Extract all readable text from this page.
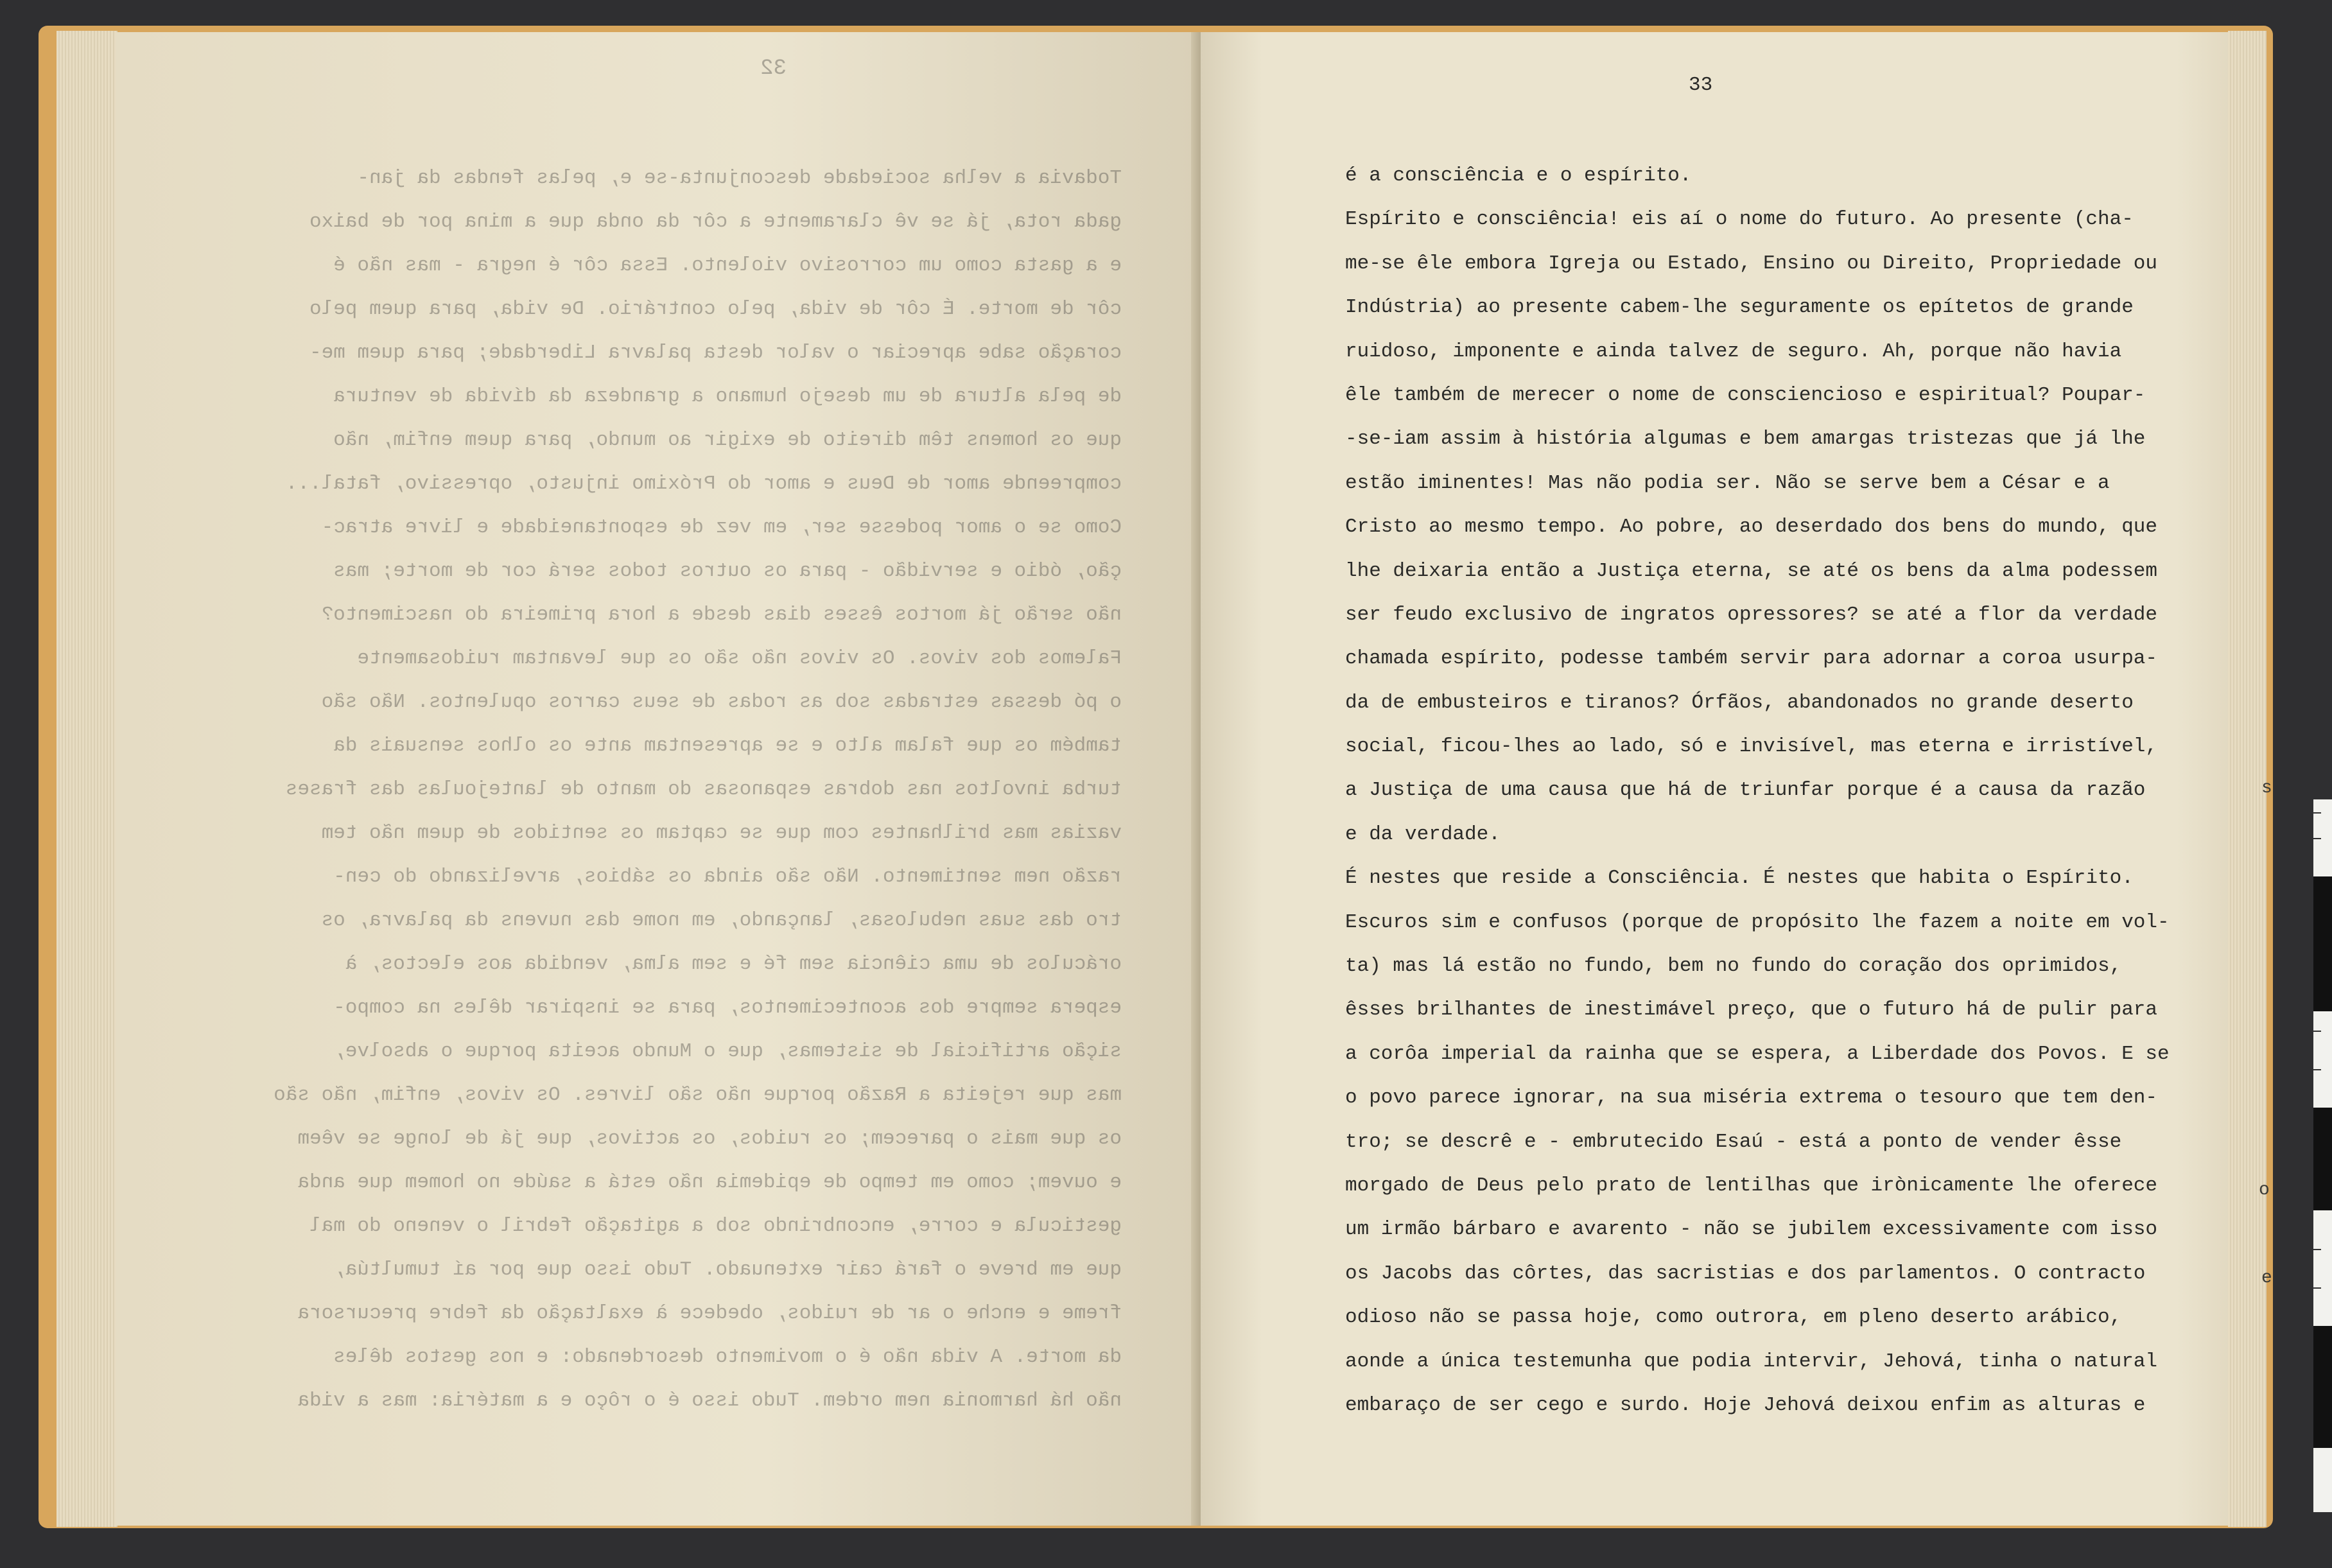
32
Todavia a velha sociedade desconjunta-se e, pelas fendas da jan-
gada rota, já se vê claramente a côr da onda que a mina por de baixo
e a gasta como um corrosivo violento. Essa côr é negra - mas não é
côr de morte. É côr de vida, pelo contrário. De vida, para quem pelo
coração sabe apreciar o valor desta palavra Liberdade; para quem me-
de pela altura de um desejo humano a grandeza da dívida de ventura
que os homens têm direito de exigir ao mundo, para quem enfim, não
compreende amor de Deus e amor do Próximo injusto, opressivo, fatal...
Como se o amor podesse ser, em vez de espontaneidade e livre atrac-
ção, ódio e servidão - para os outros todos será cor de morte; mas
não serão já mortos êsses dias desde a hora primeira do nascimento?
Falemos dos vivos. Os vivos não são os que levantam ruidosamente
o pó dessas estradas sob as rodas de seus carros opulentos. Não são
também os que falam alto e se apresentam ante os olhos sensuais da
turba involtos nas dobras espanosas do manto de lantejoulas das frases
vazias mas brilhantes com que se captam os sentidos de quem não tem
razão nem sentimento. Não são ainda os sábios, arvelizando do cen-
tro das suas nebulosas, lançando, em nome das nuvens da palavra, os
oráculos de uma ciência sem fé e sem alma, vendida aos electos, à
espera sempre dos acontecimentos, para se inspirar dêles na compo-
sição artificial de sistemas, que o Mundo aceita porque o absolve,
mas que rejeita a Razão porque não são livres. Os vivos, enfim, não são
os que mais o parecem; os ruidos, os activos, que já de longe se vêem
e ouvem; como em tempo de epidemia não está a saúde no homem que anda
gesticula e corre, enconbrindo sob a agitação febril o veneno do mal
que em breve o fará cair extenuado. Tudo isso que por aí tumultúa,
freme e enche o ar de ruidos, obedece à exaltação da febre precursora
da morte. A vida não é o movimento desordenado: e nos gestos dêles
não há harmonia nem ordem. Tudo isso é o rôço e a matéria: mas a vida
33
é a consciência e o espírito.
Espírito e consciência! eis aí o nome do futuro. Ao presente (cha-
me-se êle embora Igreja ou Estado, Ensino ou Direito, Propriedade ou
Indústria) ao presente cabem-lhe seguramente os epítetos de grande
ruidoso, imponente e ainda talvez de seguro. Ah, porque não havia
êle também de merecer o nome de consciencioso e espiritual? Poupar-
-se-iam assim à história algumas e bem amargas tristezas que já lhe
estão iminentes! Mas não podia ser. Não se serve bem a César e a
Cristo ao mesmo tempo. Ao pobre, ao deserdado dos bens do mundo, que
lhe deixaria então a Justiça eterna, se até os bens da alma podessem
ser feudo exclusivo de ingratos opressores? se até a flor da verdade
chamada espírito, podesse também servir para adornar a coroa usurpa-
da de embusteiros e tiranos? Órfãos, abandonados no grande deserto
social, ficou-lhes ao lado, só e invisível, mas eterna e irristível,
a Justiça de uma causa que há de triunfar porque é a causa da razão
e da verdade.
É nestes que reside a Consciência. É nestes que habita o Espírito.
Escuros sim e confusos (porque de propósito lhe fazem a noite em vol-
ta) mas lá estão no fundo, bem no fundo do coração dos oprimidos,
êsses brilhantes de inestimável preço, que o futuro há de pulir para
a corôa imperial da rainha que se espera, a Liberdade dos Povos. E se
o povo parece ignorar, na sua miséria extrema o tesouro que tem den-
tro; se descrê e - embrutecido Esaú - está a ponto de vender êsse
morgado de Deus pelo prato de lentilhas que irònicamente lhe oferece
um irmão bárbaro e avarento - não se jubilem excessivamente com isso
os Jacobs das côrtes, das sacristias e dos parlamentos. O contracto
odioso não se passa hoje, como outrora, em pleno deserto arábico,
aonde a única testemunha que podia intervir, Jehová, tinha o natural
embaraço de ser cego e surdo. Hoje Jehová deixou enfim as alturas e
s
o
e
